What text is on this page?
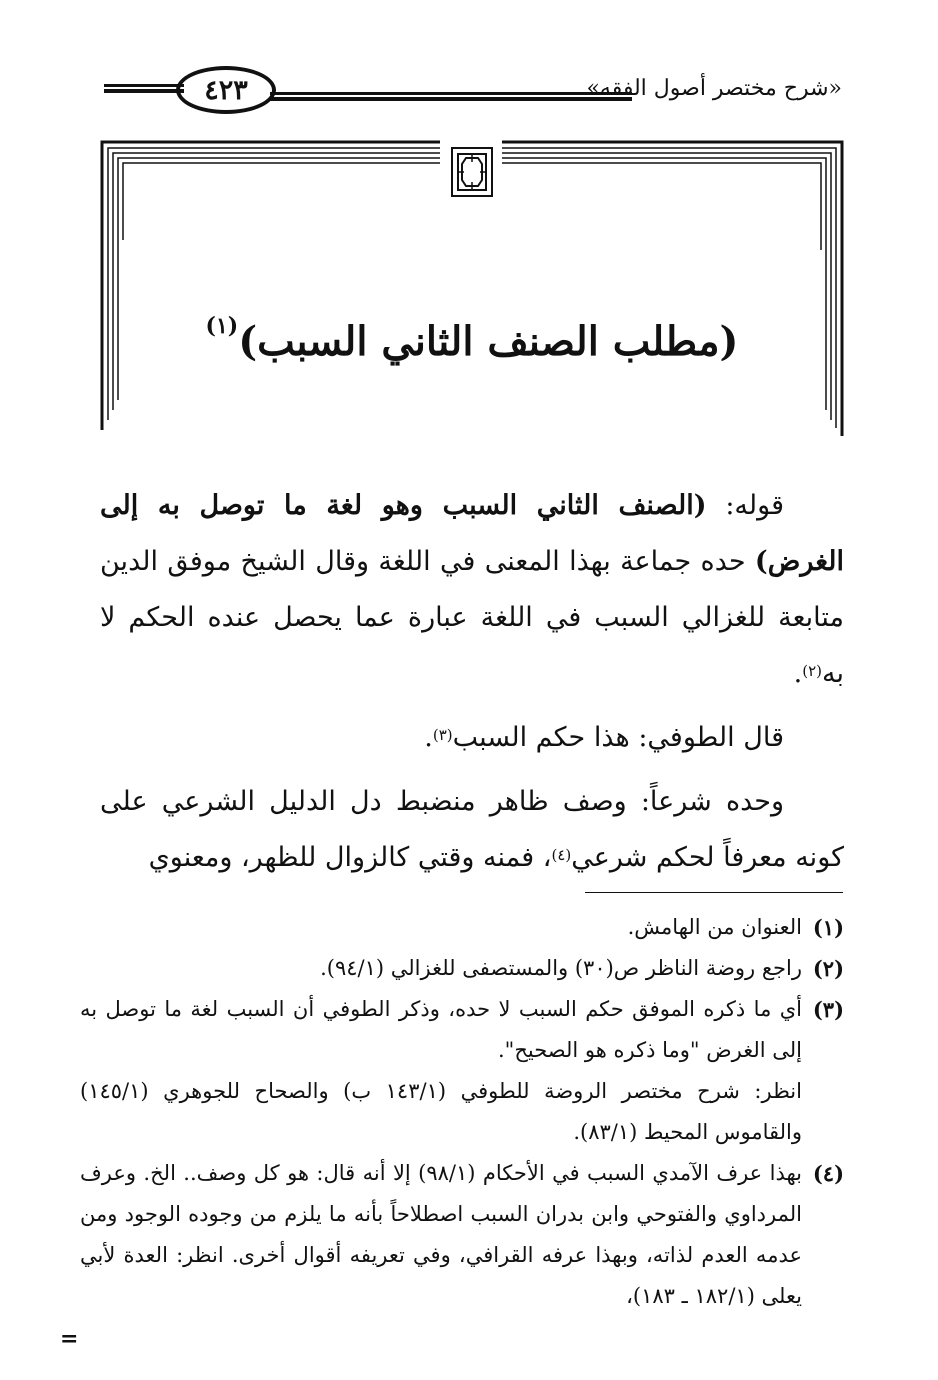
٤٢٣	«شرح مختصر أصول الفقه»
(مطلب الصنف الثاني السبب)$^{(١)}$

قوله: (الصنف الثاني السبب وهو لغة ما توصل به إلى الغرض) حده جماعة بهذا المعنى في اللغة وقال الشيخ موفق الدين متابعة للغزالي السبب في اللغة عبارة عما يحصل عنده الحكم لا به$^{(٢)}$.

قال الطوفي: هذا حكم السبب$^{(٣)}$.

وحده شرعاً: وصف ظاهر منضبط دل الدليل الشرعي على كونه معرفاً لحكم شرعي$^{(٤)}$، فمنه وقتي كالزوال للظهر، ومعنوي

(١)

العنوان من الهامش.

(٢)

راجع روضة الناظر ص(٣٠) والمستصفى للغزالي (٩٤/١).

(٣)

أي ما ذكره الموفق حكم السبب لا حده، وذكر الطوفي أن السبب لغة ما توصل به إلى الغرض "وما ذكره هو الصحيح".

انظر: شرح مختصر الروضة للطوفي (١٤٣/١ ب) والصحاح للجوهري (١٤٥/١) والقاموس المحيط (٨٣/١).

(٤)

بهذا عرف الآمدي السبب في الأحكام (٩٨/١) إلا أنه قال: هو كل وصف.. الخ. وعرف المرداوي والفتوحي وابن بدران السبب اصطلاحاً بأنه ما يلزم من وجوده الوجود ومن عدمه العدم لذاته، وبهذا عرفه القرافي، وفي تعريفه أقوال أخرى. انظر: العدة لأبي يعلى (١٨٢/١ ـ ١٨٣)،

=
